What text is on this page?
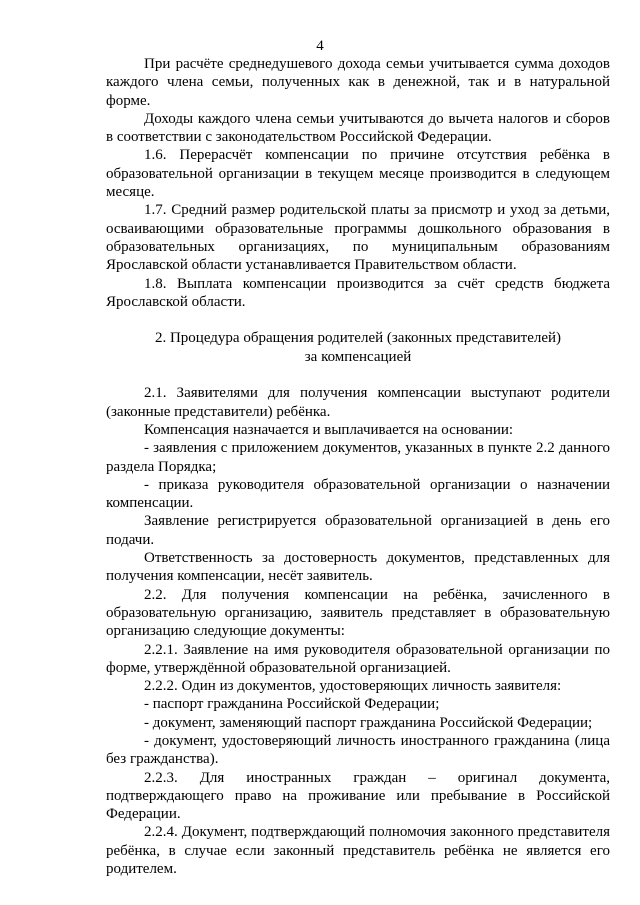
4

При расчёте среднедушевого дохода семьи учитывается сумма доходов каждого члена семьи, полученных как в денежной, так и в натуральной форме.

Доходы каждого члена семьи учитываются до вычета налогов и сборов в соответствии с законодательством Российской Федерации.

1.6. Перерасчёт компенсации по причине отсутствия ребёнка в образовательной организации в текущем месяце производится в следующем месяце.

1.7. Средний размер родительской платы за присмотр и уход за детьми, осваивающими образовательные программы дошкольного образования в образовательных организациях, по муниципальным образованиям Ярославской области устанавливается Правительством области.

1.8. Выплата компенсации производится за счёт средств бюджета Ярославской области.

2. Процедура обращения родителей (законных представителей)

за компенсацией

2.1. Заявителями для получения компенсации выступают родители (законные представители) ребёнка.

Компенсация назначается и выплачивается на основании:

- заявления с приложением документов, указанных в пункте 2.2 данного раздела Порядка;

- приказа руководителя образовательной организации о назначении компенсации.

Заявление регистрируется образовательной организацией в день его подачи.

Ответственность за достоверность документов, представленных для получения компенсации, несёт заявитель.

2.2. Для получения компенсации на ребёнка, зачисленного в образовательную организацию, заявитель представляет в образовательную организацию следующие документы:

2.2.1. Заявление на имя руководителя образовательной организации по форме, утверждённой образовательной организацией.

2.2.2. Один из документов, удостоверяющих личность заявителя:

- паспорт гражданина Российской Федерации;

- документ, заменяющий паспорт гражданина Российской Федерации;

- документ, удостоверяющий личность иностранного гражданина (лица без гражданства).

2.2.3. Для иностранных граждан – оригинал документа, подтверждающего право на проживание или пребывание в Российской Федерации.

2.2.4. Документ, подтверждающий полномочия законного представителя ребёнка, в случае если законный представитель ребёнка не является его родителем.
